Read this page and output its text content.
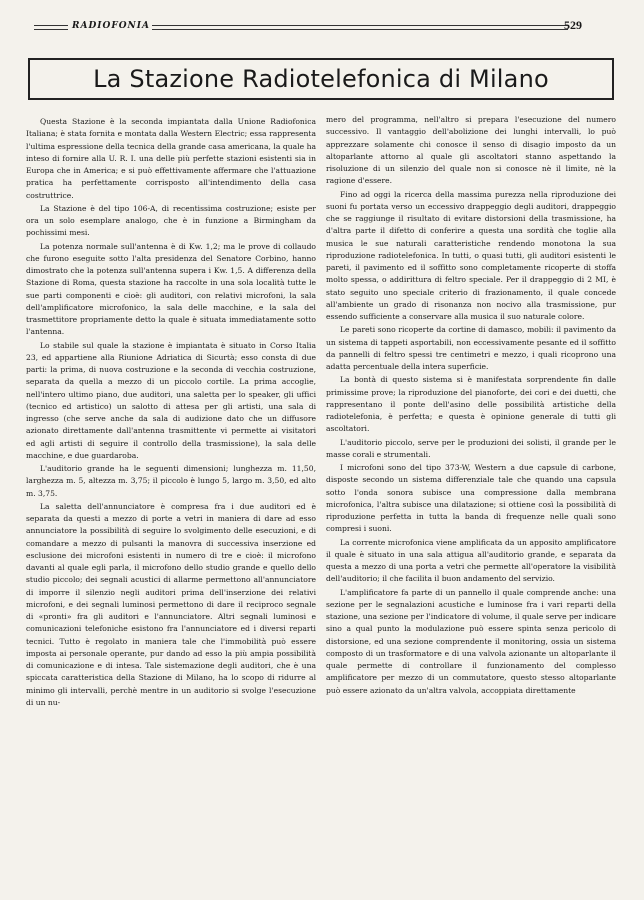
RADIOFONIA	529
La Stazione Radiotelefonica di Milano

Questa Stazione è la seconda impiantata dalla Unione Radiofonica Italiana; è stata fornita e montata dalla Western Electric; essa rappresenta l'ultima espressione della tecnica della grande casa americana, la quale ha inteso di fornire alla U. R. I. una delle più perfette stazioni esistenti sia in Europa che in America; e si può effettivamente affermare che l'attuazione pratica ha perfettamente corrisposto all'intendimento della casa costruttrice.

La Stazione è del tipo 106-A, di recentissima costruzione; esiste per ora un solo esemplare analogo, che è in funzione a Birmingham da pochissimi mesi.

La potenza normale sull'antenna è di Kw. 1,2; ma le prove di collaudo che furono eseguite sotto l'alta presidenza del Senatore Corbino, hanno dimostrato che la potenza sull'antenna supera i Kw. 1,5. A differenza della Stazione di Roma, questa stazione ha raccolte in una sola località tutte le sue parti componenti e cioè: gli auditori, con relativi microfoni, la sala dell'amplificatore microfonico, la sala delle macchine, e la sala del trasmettitore propriamente detto la quale è situata immediatamente sotto l'antenna.

Lo stabile sul quale la stazione è impiantata è situato in Corso Italia 23, ed appartiene alla Riunione Adriatica di Sicurtà; esso consta di due parti: la prima, di nuova costruzione e la seconda di vecchia costruzione, separata da quella a mezzo di un piccolo cortile. La prima accoglie, nell'intero ultimo piano, due auditori, una saletta per lo speaker, gli uffici (tecnico ed artistico) un salotto di attesa per gli artisti, una sala di ingresso (che serve anche da sala di audizione dato che un diffusore azionato direttamente dall'antenna trasmittente vi permette ai visitatori ed agli artisti di seguire il controllo della trasmissione), la sala delle macchine, e due guardaroba.

L'auditorio grande ha le seguenti dimensioni; lunghezza m. 11,50, larghezza m. 5, altezza m. 3,75; il piccolo è lungo 5, largo m. 3,50, ed alto m. 3,75.

La saletta dell'annunciatore è compresa fra i due auditori ed è separata da questi a mezzo di porte a vetri in maniera di dare ad esso annunciatore la possibilità di seguire lo svolgimento delle esecuzioni, e di comandare a mezzo di pulsanti la manovra di successiva inserzione ed esclusione dei microfoni esistenti in numero di tre e cioè: il microfono davanti al quale egli parla, il microfono dello studio grande e quello dello studio piccolo; dei segnali acustici di allarme permettono all'annunciatore di imporre il silenzio negli auditori prima dell'inserzione dei relativi microfoni, e dei segnali luminosi permettono di dare il reciproco segnale di «pronti» fra gli auditori e l'annunciatore. Altri segnali luminosi e comunicazioni telefoniche esistono fra l'annunciatore ed i diversi reparti tecnici. Tutto è regolato in maniera tale che l'immobilità può essere imposta ai personale operante, pur dando ad esso la più ampia possibilità di comunicazione e di intesa. Tale sistemazione degli auditori, che è una spiccata caratteristica della Stazione di Milano, ha lo scopo di ridurre al minimo gli intervalli, perchè mentre in un auditorio si svolge l'esecuzione di un nu-

mero del programma, nell'altro si prepara l'esecuzione del numero successivo. Il vantaggio dell'abolizione dei lunghi intervalli, lo può apprezzare solamente chi conosce il senso di disagio imposto da un altoparlante attorno al quale gli ascoltatori stanno aspettando la risoluzione di un silenzio del quale non si conosce nè il limite, nè la ragione d'essere.

Fino ad oggi la ricerca della massima purezza nella riproduzione dei suoni fu portata verso un eccessivo drappeggio degli auditori, drappeggio che se raggiunge il risultato di evitare distorsioni della trasmissione, ha d'altra parte il difetto di conferire a questa una sordità che toglie alla musica le sue naturali caratteristiche rendendo monotona la sua riproduzione radiotelefonica. In tutti, o quasi tutti, gli auditori esistenti le pareti, il pavimento ed il soffitto sono completamente ricoperte di stoffa molto spessa, o addirittura di feltro speciale. Per il drappeggio di 2 MI, è stato seguito uno speciale criterio di frazionamento, il quale concede all'ambiente un grado di risonanza non nocivo alla trasmissione, pur essendo sufficiente a conservare alla musica il suo naturale colore.

Le pareti sono ricoperte da cortine di damasco, mobili: il pavimento da un sistema di tappeti asportabili, non eccessivamente pesante ed il soffitto da pannelli di feltro spessi tre centimetri e mezzo, i quali ricoprono una adatta percentuale della intera superficie.

La bontà di questo sistema si è manifestata sorprendente fin dalle primissime prove; la riproduzione del pianoforte, dei cori e dei duetti, che rappresentano il ponte dell'asino delle possibilità artistiche della radiotelefonia, è perfetta; e questa è opinione generale di tutti gli ascoltatori.

L'auditorio piccolo, serve per le produzioni dei solisti, il grande per le masse corali e strumentali.

I microfoni sono del tipo 373-W, Western a due capsule di carbone, disposte secondo un sistema differenziale tale che quando una capsula sotto l'onda sonora subisce una compressione dalla membrana microfonica, l'altra subisce una dilatazione; si ottiene così la possibilità di riproduzione perfetta in tutta la banda di frequenze nelle quali sono compresi i suoni.

La corrente microfonica viene amplificata da un apposito amplificatore il quale è situato in una sala attigua all'auditorio grande, e separata da questa a mezzo di una porta a vetri che permette all'operatore la visibilità dell'auditorio; il che facilita il buon andamento del servizio.

L'amplificatore fa parte di un pannello il quale comprende anche: una sezione per le segnalazioni acustiche e luminose fra i vari reparti della stazione, una sezione per l'indicatore di volume, il quale serve per indicare sino a qual punto la modulazione può essere spinta senza pericolo di distorsione, ed una sezione comprendente il monitoring, ossia un sistema composto di un trasformatore e di una valvola azionante un altoparlante il quale permette di controllare il funzionamento del complesso amplificatore per mezzo di un commutatore, questo stesso altoparlante può essere azionato da un'altra valvola, accoppiata direttamente
